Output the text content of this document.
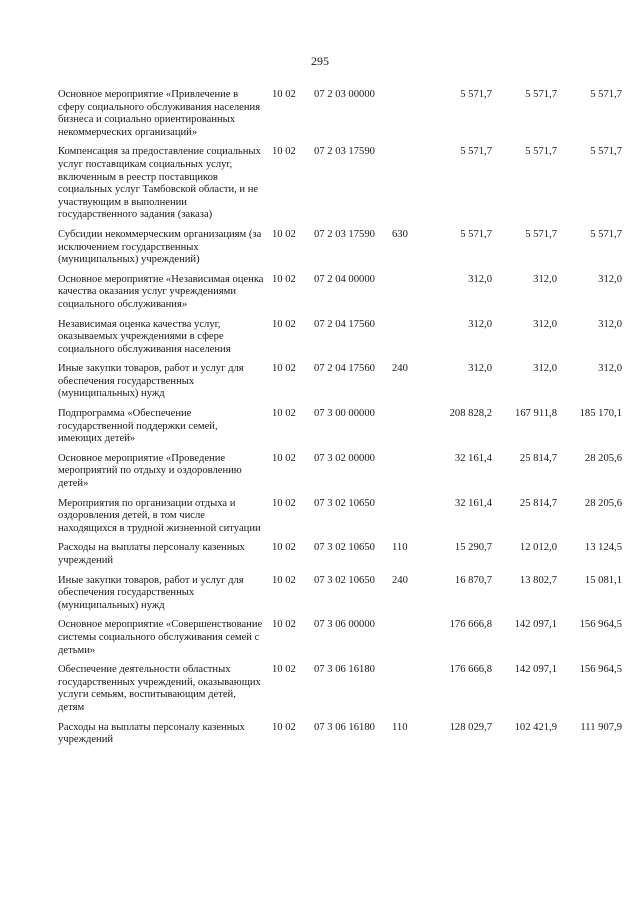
295
Основное мероприятие «Привлечение в сферу социального обслуживания населения бизнеса и социально ориентированных некоммерческих организаций»	10 02	07 2 03 00000		5 571,7	5 571,7	5 571,7
Компенсация за предоставление социальных услуг поставщикам социальных услуг, включенным в реестр поставщиков социальных услуг Тамбовской области, и не участвующим в выполнении государственного задания (заказа)	10 02	07 2 03 17590		5 571,7	5 571,7	5 571,7
Субсидии некоммерческим организациям (за исключением государственных (муниципальных) учреждений)	10 02	07 2 03 17590	630	5 571,7	5 571,7	5 571,7
Основное мероприятие «Независимая оценка качества оказания услуг учреждениями социального обслуживания»	10 02	07 2 04 00000		312,0	312,0	312,0
Независимая оценка качества услуг, оказываемых учреждениями в сфере социального обслуживания населения	10 02	07 2 04 17560		312,0	312,0	312,0
Иные закупки товаров, работ и услуг для обеспечения государственных (муниципальных) нужд	10 02	07 2 04 17560	240	312,0	312,0	312,0
Подпрограмма «Обеспечение государственной поддержки семей, имеющих детей»	10 02	07 3 00 00000		208 828,2	167 911,8	185 170,1
Основное мероприятие «Проведение мероприятий по отдыху и оздоровлению детей»	10 02	07 3 02 00000		32 161,4	25 814,7	28 205,6
Мероприятия по организации отдыха и оздоровления детей, в том числе находящихся в трудной жизненной ситуации	10 02	07 3 02 10650		32 161,4	25 814,7	28 205,6
Расходы на выплаты персоналу казенных учреждений	10 02	07 3 02 10650	110	15 290,7	12 012,0	13 124,5
Иные закупки товаров, работ и услуг для обеспечения государственных (муниципальных) нужд	10 02	07 3 02 10650	240	16 870,7	13 802,7	15 081,1
Основное мероприятие «Совершенствование системы социального обслуживания семей с детьми»	10 02	07 3 06 00000		176 666,8	142 097,1	156 964,5
Обеспечение деятельности областных государственных учреждений, оказывающих услуги семьям, воспитывающим детей, детям	10 02	07 3 06 16180		176 666,8	142 097,1	156 964,5
Расходы на выплаты персоналу казенных учреждений	10 02	07 3 06 16180	110	128 029,7	102 421,9	111 907,9
